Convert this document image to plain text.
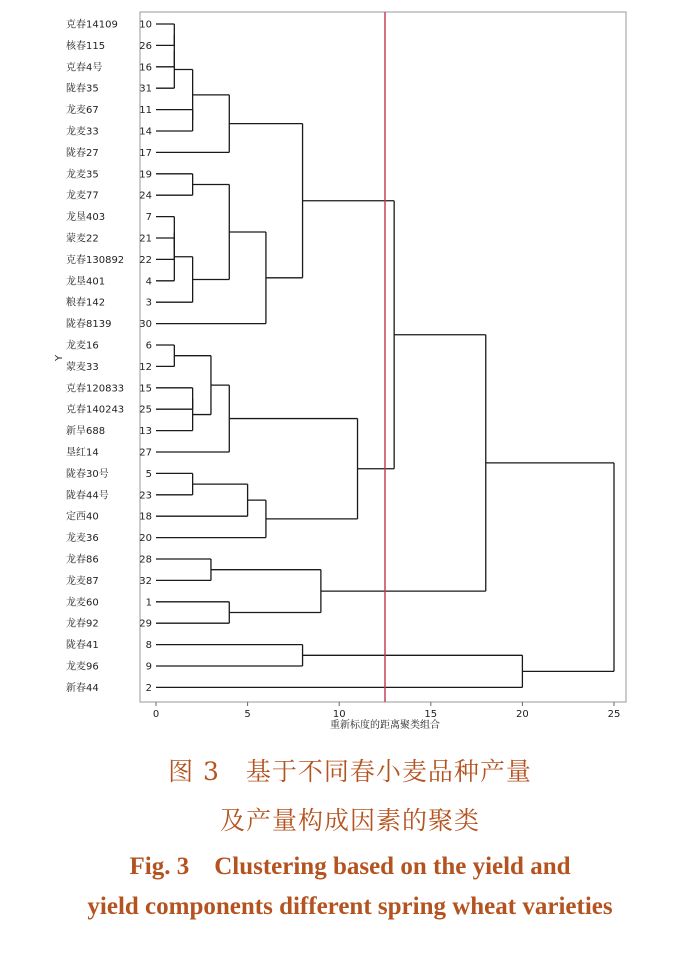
克春14109 10
核春115	26
克春4号	16
陇春35	31
龙麦67	11
龙麦33	14
陇春27	17
龙麦35	19
龙麦77	24
龙垦403	7
蒙麦22	21
克春130892 22
龙垦401	4
粮春142	3
陇春8139	30
龙麦16	6
蒙麦33	12
克春120833 15
克春140243 25
新旱688	13
垦红14	27
陇春30号	5
陇春44号	23
定西40	18
龙麦36	20
龙春86	28
龙麦87	32
龙麦60	1
龙春92	29
陇春41	8
龙麦96	9
新春44	2
0	5	10	15	20	25
Y
重新标度的距离聚类组合
图 3　基于不同春小麦品种产量
及产量构成因素的聚类
Fig. 3　Clustering based on the yield and
yield components different spring wheat varieties
